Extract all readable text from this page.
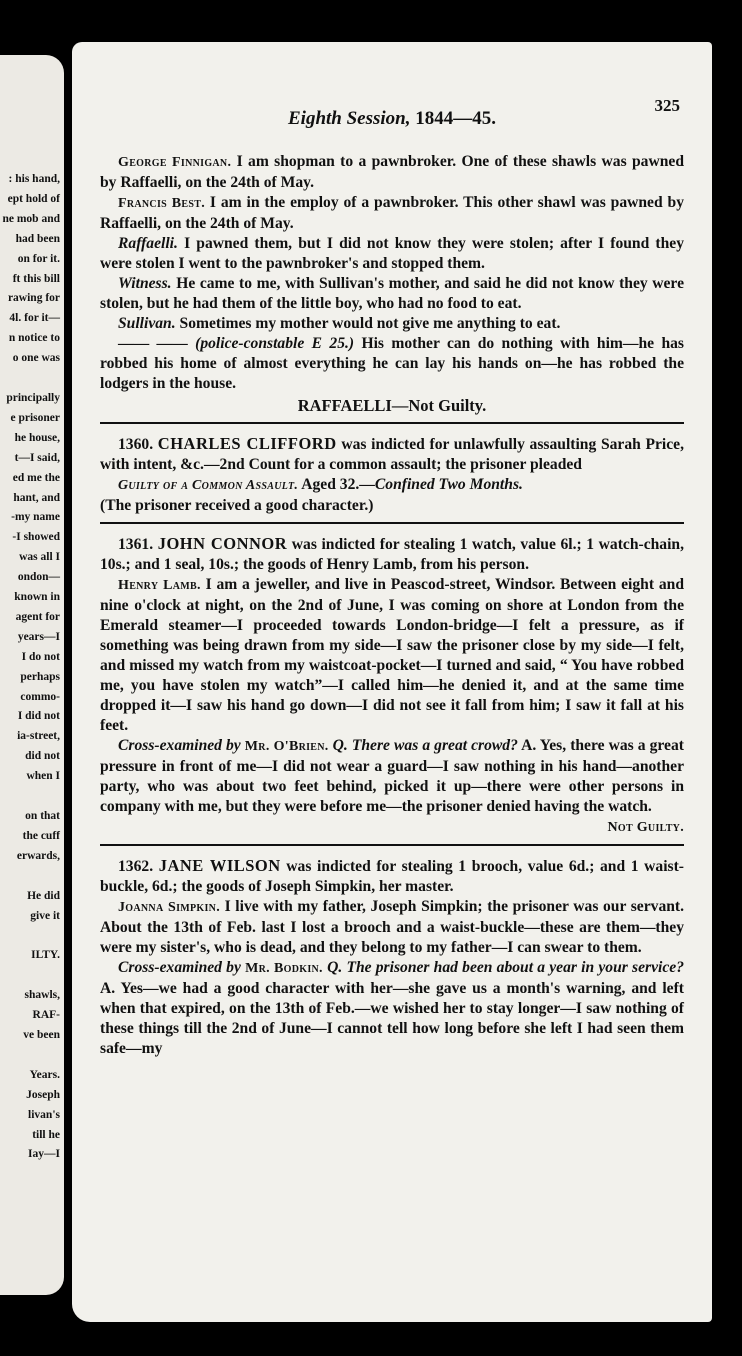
: his hand,
ept hold of
ne mob and
had been
on for it.
ft this bill
rawing for
4l. for it—
n notice to
o one was

principally
e prisoner
he house,
t—I said,
ed me the
hant, and
-my name
-I showed
was all I
ondon—
known in
agent for
years—I
I do not
perhaps
commo-
I did not
ia-street,
did not
when I

on that
the cuff
erwards,

He did
give it

ILTY.

shawls,
RAF-
ve been

Years.
Joseph
livan's
till he
Iay—I
Eighth Session, 1844—45.
325

George Finnigan. I am shopman to a pawnbroker. One of these shawls was pawned by Raffaelli, on the 24th of May.

Francis Best. I am in the employ of a pawnbroker. This other shawl was pawned by Raffaelli, on the 24th of May.

Raffaelli. I pawned them, but I did not know they were stolen; after I found they were stolen I went to the pawnbroker's and stopped them.

Witness. He came to me, with Sullivan's mother, and said he did not know they were stolen, but he had them of the little boy, who had no food to eat.

Sullivan. Sometimes my mother would not give me anything to eat.

—— —— (police-constable E 25.) His mother can do nothing with him—he has robbed his home of almost everything he can lay his hands on—he has robbed the lodgers in the house.

RAFFAELLI—Not Guilty.

1360. CHARLES CLIFFORD was indicted for unlawfully assaulting Sarah Price, with intent, &c.—2nd Count for a common assault; the prisoner pleaded

Guilty of a Common Assault. Aged 32.—Confined Two Months.

(The prisoner received a good character.)

1361. JOHN CONNOR was indicted for stealing 1 watch, value 6l.; 1 watch-chain, 10s.; and 1 seal, 10s.; the goods of Henry Lamb, from his person.

Henry Lamb. I am a jeweller, and live in Peascod-street, Windsor. Between eight and nine o'clock at night, on the 2nd of June, I was coming on shore at London from the Emerald steamer—I proceeded towards London-bridge—I felt a pressure, as if something was being drawn from my side—I saw the prisoner close by my side—I felt, and missed my watch from my waistcoat-pocket—I turned and said, “ You have robbed me, you have stolen my watch”—I called him—he denied it, and at the same time dropped it—I saw his hand go down—I did not see it fall from him; I saw it fall at his feet.

Cross-examined by Mr. O'Brien. Q. There was a great crowd? A. Yes, there was a great pressure in front of me—I did not wear a guard—I saw nothing in his hand—another party, who was about two feet behind, picked it up—there were other persons in company with me, but they were before me—the prisoner denied having the watch.

Not Guilty.

1362. JANE WILSON was indicted for stealing 1 brooch, value 6d.; and 1 waist-buckle, 6d.; the goods of Joseph Simpkin, her master.

Joanna Simpkin. I live with my father, Joseph Simpkin; the prisoner was our servant. About the 13th of Feb. last I lost a brooch and a waist-buckle—these are them—they were my sister's, who is dead, and they belong to my father—I can swear to them.

Cross-examined by Mr. Bodkin. Q. The prisoner had been about a year in your service? A. Yes—we had a good character with her—she gave us a month's warning, and left when that expired, on the 13th of Feb.—we wished her to stay longer—I saw nothing of these things till the 2nd of June—I cannot tell how long before she left I had seen them safe—my
